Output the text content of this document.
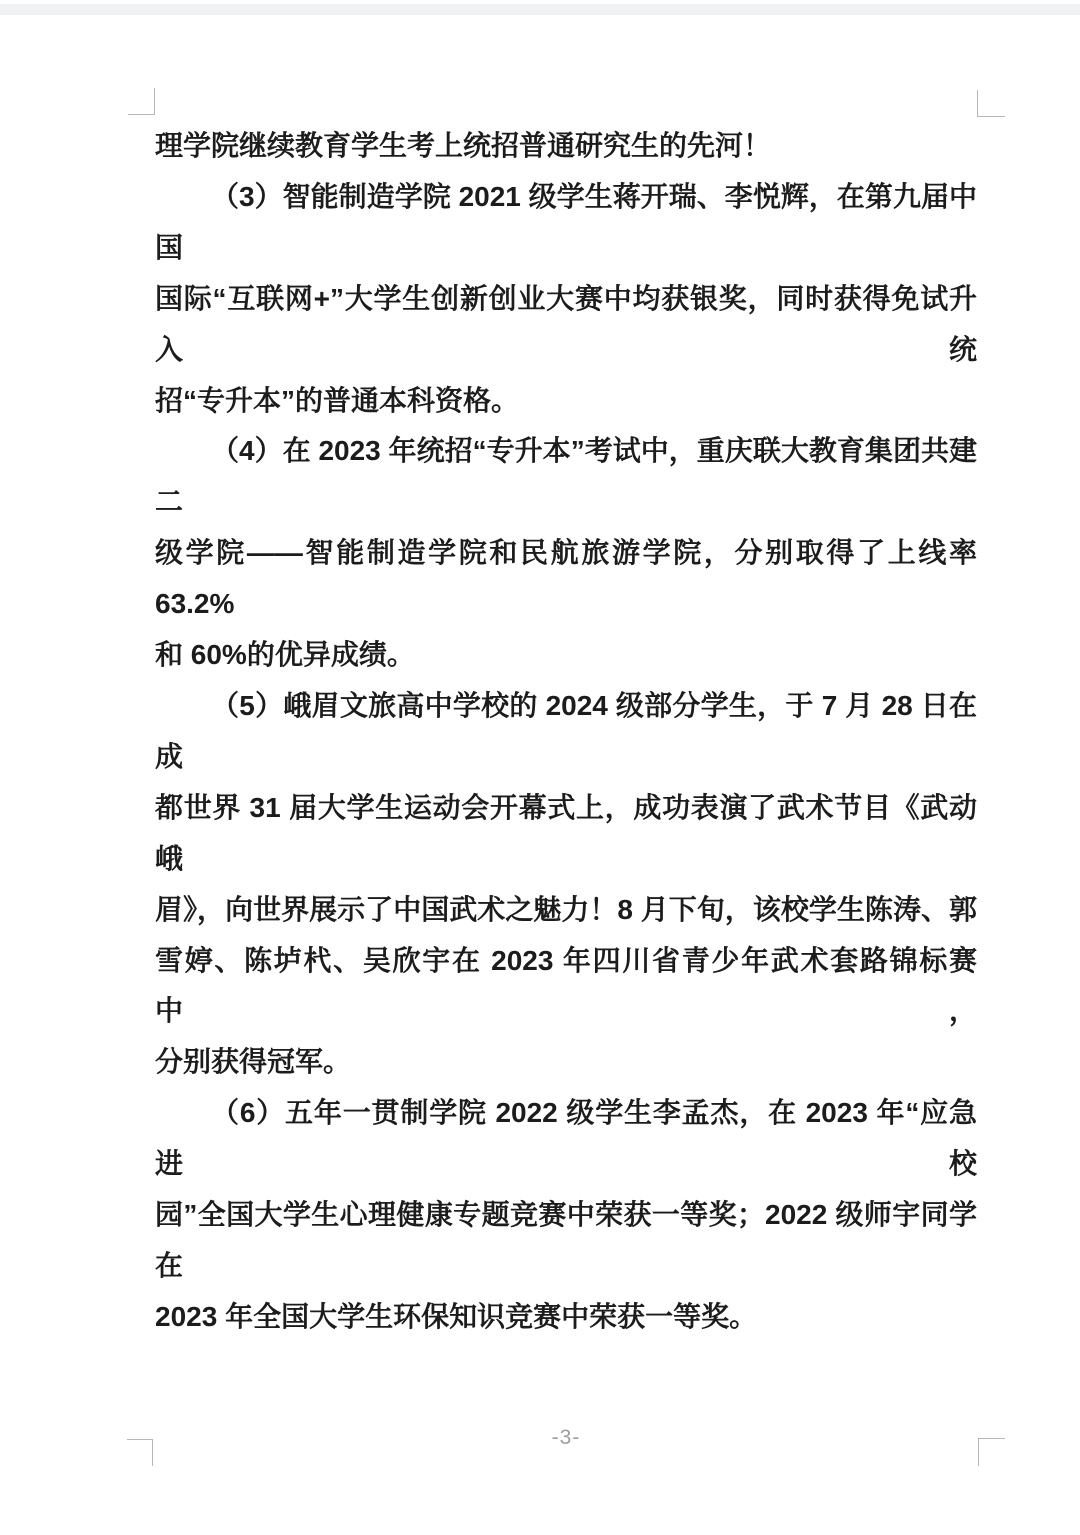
理学院继续教育学生考上统招普通研究生的先河！
（3）智能制造学院 2021 级学生蒋开瑞、李悦辉，在第九届中国
国际“互联网+”大学生创新创业大赛中均获银奖，同时获得免试升入统
招“专升本”的普通本科资格。
（4）在 2023 年统招“专升本”考试中，重庆联大教育集团共建二
级学院——智能制造学院和民航旅游学院，分别取得了上线率 63.2%
和 60%的优异成绩。
（5）峨眉文旅高中学校的 2024 级部分学生，于 7 月 28 日在成
都世界 31 届大学生运动会开幕式上，成功表演了武术节目《武动峨
眉》，向世界展示了中国武术之魅力！8 月下旬，该校学生陈涛、郭
雪婷、陈垆杙、吴欣宇在 2023 年四川省青少年武术套路锦标赛中，
分别获得冠军。
（6）五年一贯制学院 2022 级学生李孟杰，在 2023 年“应急进校
园”全国大学生心理健康专题竞赛中荣获一等奖；2022 级师宇同学在
2023 年全国大学生环保知识竞赛中荣获一等奖。
-3-
